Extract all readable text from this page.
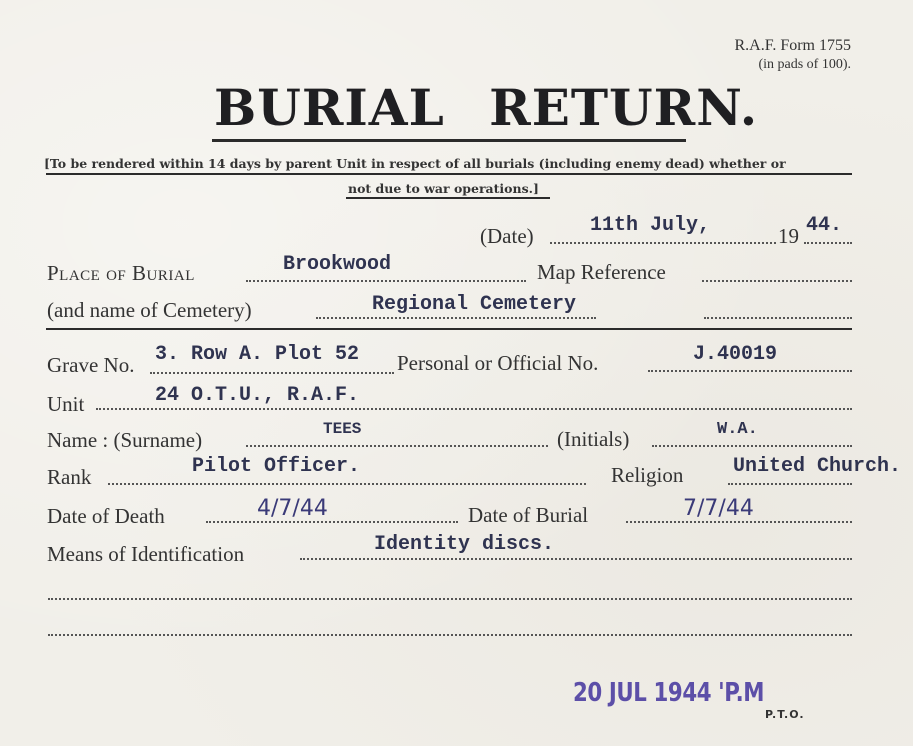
R.A.F. Form 1755
(in pads of 100).
BURIAL RETURN.
[To be rendered within 14 days by parent Unit in respect of all burials (including enemy dead) whether or
not due to war operations.]
(Date)	11th July,	19 44.
Place of Burial	Brookwood	Map Reference
(and name of Cemetery)	Regional Cemetery
Grave No. 3. Row A. Plot 52 Personal or Official No.	J.40019
Unit	24 O.T.U., R.A.F.
Name : (Surname)	TEES	(Initials)	W.A.
Rank	Pilot Officer.	Religion United Church.
Date of Death	4/7/44	Date of Burial	7/7/44
Means of Identification	Identity discs.
20 JUL 1944 'P.M
P.T.O.
